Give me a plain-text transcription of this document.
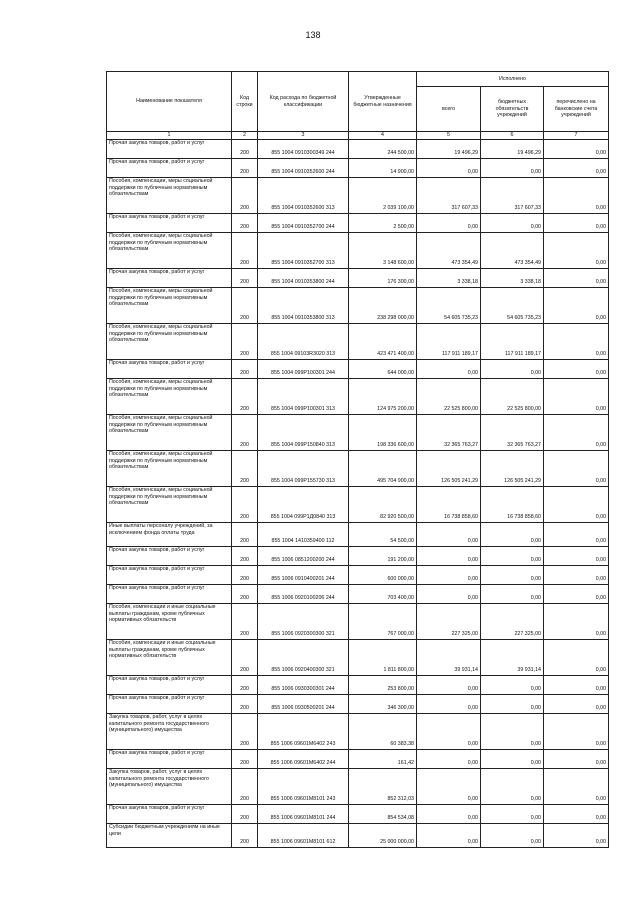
138
Наименование показателя	Код строки	Код расхода по бюджетной классификации	Утвержденные бюджетные назначения	Исполнено		
				всего	бюджетных обязательств учреждений	перечислено на банковские счета учреждений
1	2	3	4	5	6	7
Прочая закупка товаров, работ и услуг	200	855 1004 0910300349 244	244 500,00	19 496,29	19 496,29	0,00
Прочая закупка товаров, работ и услуг	200	855 1004 0910352600 244	14 900,00	0,00	0,00	0,00
Пособия, компенсации, меры социальной поддержки по публичным нормативным обязательствам	200	855 1004 0910352600 313	2 039 100,00	317 607,33	317 607,33	0,00
Прочая закупка товаров, работ и услуг	200	855 1004 0910352700 244	2 500,00	0,00	0,00	0,00
Пособия, компенсации, меры социальной поддержки по публичным нормативным обязательствам	200	855 1004 0910352700 313	3 148 600,00	473 354,49	473 354,49	0,00
Прочая закупка товаров, работ и услуг	200	855 1004 0910353800 244	176 300,00	3 338,18	3 338,18	0,00
Пособия, компенсации, меры социальной поддержки по публичным нормативным обязательствам	200	855 1004 0910353800 313	238 298 000,00	54 605 735,23	54 605 735,23	0,00
Пособия, компенсации, меры социальной поддержки по публичным нормативным обязательствам	200	855 1004 09103R3020 313	423 471 400,00	117 911 189,17	117 911 189,17	0,00
Прочая закупка товаров, работ и услуг	200	855 1004 099P100301 244	644 000,00	0,00	0,00	0,00
Пособия, компенсации, меры социальной поддержки по публичным нормативным обязательствам	200	855 1004 099P100301 313	124 975 200,00	22 525 800,00	22 525 800,00	0,00
Пособия, компенсации, меры социальной поддержки по публичным нормативным обязательствам	200	855 1004 099P150840 313	198 336 600,00	32 365 763,27	32 365 763,27	0,00
Пособия, компенсации, меры социальной поддержки по публичным нормативным обязательствам	200	855 1004 099P155730 313	495 704 900,00	126 505 241,29	126 505 241,29	0,00
Пособия, компенсации, меры социальной поддержки по публичным нормативным обязательствам	200	855 1004 099P1Д0840 313	82 920 500,00	16 738 858,60	16 738 858,60	0,00
Иные выплаты персоналу учреждений, за исключением фонда оплаты труда	200	855 1004 1410359400 112	54 500,00	0,00	0,00	0,00
Прочая закупка товаров, работ и услуг	200	855 1006 0851200200 244	191 200,00	0,00	0,00	0,00
Прочая закупка товаров, работ и услуг	200	855 1006 0910400201 244	600 000,00	0,00	0,00	0,00
Прочая закупка товаров, работ и услуг	200	855 1006 0920100206 244	703 400,00	0,00	0,00	0,00
Пособия, компенсации и иные социальные выплаты гражданам, кроме публичных нормативных обязательств	200	855 1006 0920300300 321	767 000,00	227 325,00	227 325,00	0,00
Пособия, компенсации и иные социальные выплаты гражданам, кроме публичных нормативных обязательств	200	855 1006 0920400300 321	1 811 800,00	39 931,14	39 931,14	0,00
Прочая закупка товаров, работ и услуг	200	855 1006 0930300301 244	253 800,00	0,00	0,00	0,00
Прочая закупка товаров, работ и услуг	200	855 1006 0930500201 244	346 300,00	0,00	0,00	0,00
Закупка товаров, работ, услуг в целях капитального ремонта государственного (муниципального) имущества	200	855 1006 09601M6402 243	60 383,38	0,00	0,00	0,00
Прочая закупка товаров, работ и услуг	200	855 1006 09601M6402 244	161,42	0,00	0,00	0,00
Закупка товаров, работ, услуг в целях капитального ремонта государственного (муниципального) имущества	200	855 1006 09601M8101 243	852 312,03	0,00	0,00	0,00
Прочая закупка товаров, работ и услуг	200	855 1006 09601M8101 244	854 534,08	0,00	0,00	0,00
Субсидии бюджетным учреждениям на иные цели	200	855 1006 09601M8101 612	25 000 000,00	0,00	0,00	0,00
